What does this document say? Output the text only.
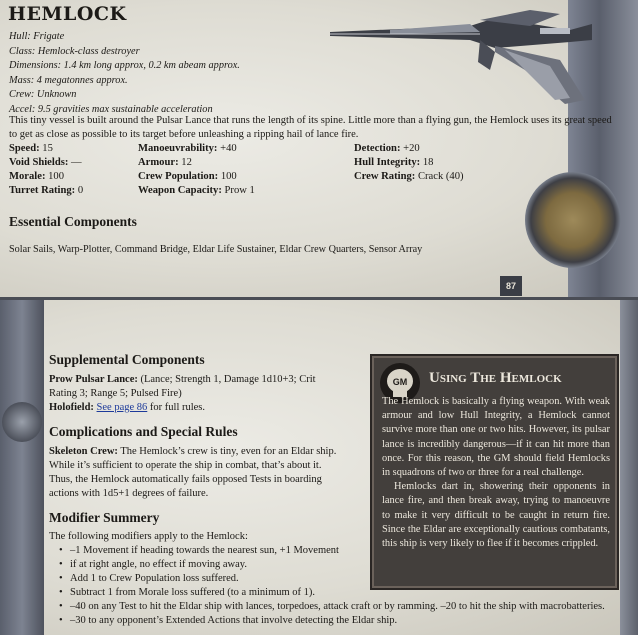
HEMLOCK
Hull: Frigate
Class: Hemlock-class destroyer
Dimensions: 1.4 km long approx, 0.2 km abeam approx.
Mass: 4 megatonnes approx.
Crew: Unknown
Accel: 9.5 gravities max sustainable acceleration
This tiny vessel is built around the Pulsar Lance that runs the length of its spine. Little more than a flying gun, the Hemlock uses its great speed to get as close as possible to its target before unleashing a ripping hail of lance fire.
Speed: 15	Manoeuvrability: +40	Detection: +20
Void Shields: —	Armour: 12	Hull Integrity: 18
Morale: 100	Crew Population: 100	Crew Rating: Crack (40)
Turret Rating: 0	Weapon Capacity: Prow 1
Essential Components
Solar Sails, Warp-Plotter, Command Bridge, Eldar Life Sustainer, Eldar Crew Quarters, Sensor Array
87
Supplemental Components
Prow Pulsar Lance: (Lance; Strength 1, Damage 1d10+3; Crit
Rating 3; Range 5; Pulsed Fire)
Holofield: See page 86 for full rules.
Complications and Special Rules
Skeleton Crew: The Hemlock’s crew is tiny, even for an Eldar ship.
While it’s sufficient to operate the ship in combat, that’s about it.
Thus, the Hemlock automatically fails opposed Tests in boarding
actions with 1d5+1 degrees of failure.
Modifier Summery
The following modifiers apply to the Hemlock:
• –1 Movement if heading towards the nearest sun, +1 Movement
• if at right angle, no effect if moving away.
• Add 1 to Crew Population loss suffered.
• Subtract 1 from Morale loss suffered (to a minimum of 1).
• –40 on any Test to hit the Eldar ship with lances, torpedoes, attack craft or by ramming. –20 to hit the ship with macrobatteries.
• –30 to any opponent’s Extended Actions that involve detecting the Eldar ship.
GM Using The Hemlock

The Hemlock is basically a flying weapon. With weak armour and low Hull Integrity, a Hemlock cannot survive more than one or two hits. However, its pulsar lance is incredibly dangerous—if it can hit more than once. For this reason, the GM should field Hemlocks in squadrons of two or three for a real challenge.

Hemlocks dart in, showering their opponents in lance fire, and then break away, trying to manoeuvre to make it very difficult to be caught in return fire. Since the Eldar are exceptionally cautious combatants, this ship is very likely to flee if it becomes crippled.
